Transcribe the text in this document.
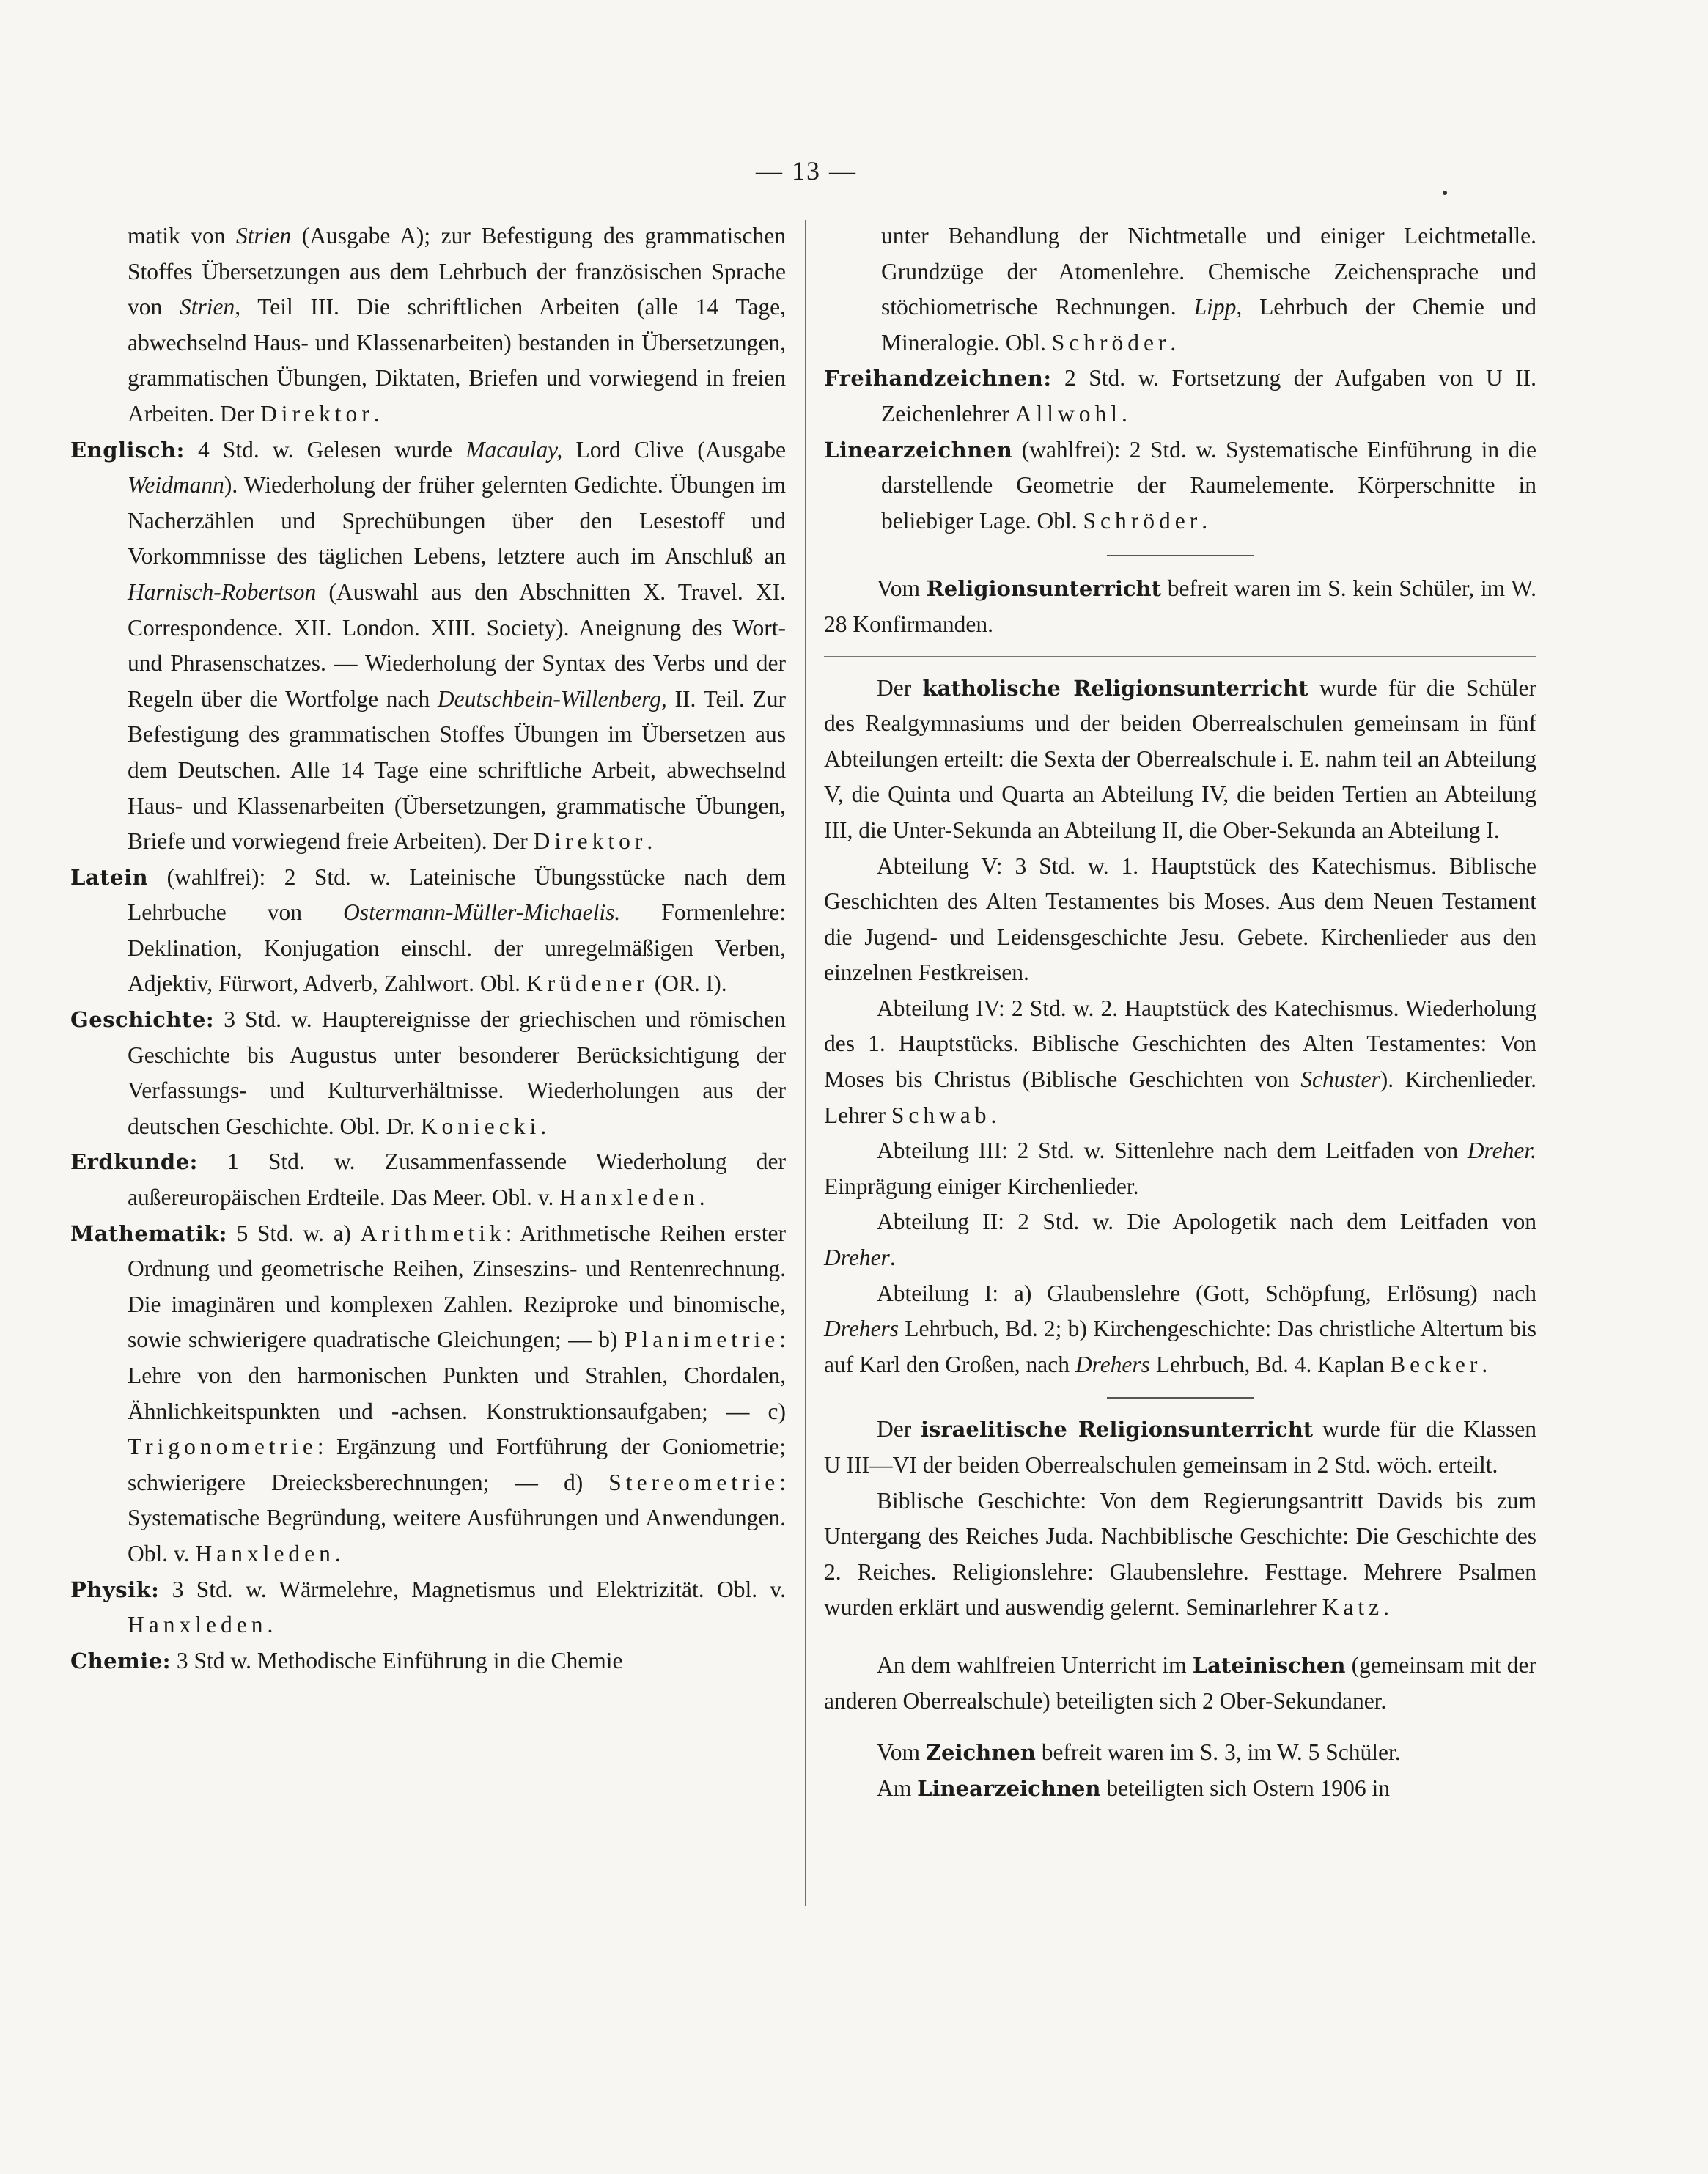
— 13 —

matik von Strien (Ausgabe A); zur Befestigung des grammatischen Stoffes Übersetzungen aus dem Lehrbuch der französischen Sprache von Strien, Teil III. Die schriftlichen Arbeiten (alle 14 Tage, abwechselnd Haus- und Klassenarbeiten) bestanden in Übersetzungen, grammatischen Übungen, Diktaten, Briefen und vorwiegend in freien Arbeiten. Der Direktor.

Englisch: 4 Std. w. Gelesen wurde Macaulay, Lord Clive (Ausgabe Weidmann). Wiederholung der früher gelernten Gedichte. Übungen im Nacherzählen und Sprechübungen über den Lesestoff und Vorkommnisse des täglichen Lebens, letztere auch im Anschluß an Harnisch-Robertson (Auswahl aus den Abschnitten X. Travel. XI. Correspondence. XII. London. XIII. Society). Aneignung des Wort- und Phrasenschatzes. — Wiederholung der Syntax des Verbs und der Regeln über die Wortfolge nach Deutschbein-Willenberg, II. Teil. Zur Befestigung des grammatischen Stoffes Übungen im Übersetzen aus dem Deutschen. Alle 14 Tage eine schriftliche Arbeit, abwechselnd Haus- und Klassenarbeiten (Übersetzungen, grammatische Übungen, Briefe und vorwiegend freie Arbeiten). Der Direktor.

Latein (wahlfrei): 2 Std. w. Lateinische Übungsstücke nach dem Lehrbuche von Ostermann-Müller-Michaelis. Formenlehre: Deklination, Konjugation einschl. der unregelmäßigen Verben, Adjektiv, Fürwort, Adverb, Zahlwort. Obl. Krüdener (OR. I).

Geschichte: 3 Std. w. Hauptereignisse der griechischen und römischen Geschichte bis Augustus unter besonderer Berücksichtigung der Verfassungs- und Kulturverhältnisse. Wiederholungen aus der deutschen Geschichte. Obl. Dr. Koniecki.

Erdkunde: 1 Std. w. Zusammenfassende Wiederholung der außereuropäischen Erdteile. Das Meer. Obl. v. Hanxleden.

Mathematik: 5 Std. w. a) Arithmetik: Arithmetische Reihen erster Ordnung und geometrische Reihen, Zinseszins- und Rentenrechnung. Die imaginären und komplexen Zahlen. Reziproke und binomische, sowie schwierigere quadratische Gleichungen; — b) Planimetrie: Lehre von den harmonischen Punkten und Strahlen, Chordalen, Ähnlichkeitspunkten und -achsen. Konstruktionsaufgaben; — c) Trigonometrie: Ergänzung und Fortführung der Goniometrie; schwierigere Dreiecksberechnungen; — d) Stereometrie: Systematische Begründung, weitere Ausführungen und Anwendungen. Obl. v. Hanxleden.

Physik: 3 Std. w. Wärmelehre, Magnetismus und Elektrizität. Obl. v. Hanxleden.

Chemie: 3 Std w. Methodische Einführung in die Chemie

unter Behandlung der Nichtmetalle und einiger Leichtmetalle. Grundzüge der Atomenlehre. Chemische Zeichensprache und stöchiometrische Rechnungen. Lipp, Lehrbuch der Chemie und Mineralogie. Obl. Schröder.

Freihandzeichnen: 2 Std. w. Fortsetzung der Aufgaben von U II. Zeichenlehrer Allwohl.

Linearzeichnen (wahlfrei): 2 Std. w. Systematische Einführung in die darstellende Geometrie der Raumelemente. Körperschnitte in beliebiger Lage. Obl. Schröder.

Vom Religionsunterricht befreit waren im S. kein Schüler, im W. 28 Konfirmanden.

Der katholische Religionsunterricht wurde für die Schüler des Realgymnasiums und der beiden Oberrealschulen gemeinsam in fünf Abteilungen erteilt: die Sexta der Oberrealschule i. E. nahm teil an Abteilung V, die Quinta und Quarta an Abteilung IV, die beiden Tertien an Abteilung III, die Unter-Sekunda an Abteilung II, die Ober-Sekunda an Abteilung I.

Abteilung V: 3 Std. w. 1. Hauptstück des Katechismus. Biblische Geschichten des Alten Testamentes bis Moses. Aus dem Neuen Testament die Jugend- und Leidensgeschichte Jesu. Gebete. Kirchenlieder aus den einzelnen Festkreisen.

Abteilung IV: 2 Std. w. 2. Hauptstück des Katechismus. Wiederholung des 1. Hauptstücks. Biblische Geschichten des Alten Testamentes: Von Moses bis Christus (Biblische Geschichten von Schuster). Kirchenlieder. Lehrer Schwab.

Abteilung III: 2 Std. w. Sittenlehre nach dem Leitfaden von Dreher. Einprägung einiger Kirchenlieder.

Abteilung II: 2 Std. w. Die Apologetik nach dem Leitfaden von Dreher.

Abteilung I: a) Glaubenslehre (Gott, Schöpfung, Erlösung) nach Drehers Lehrbuch, Bd. 2; b) Kirchengeschichte: Das christliche Altertum bis auf Karl den Großen, nach Drehers Lehrbuch, Bd. 4. Kaplan Becker.

Der israelitische Religionsunterricht wurde für die Klassen U III—VI der beiden Oberrealschulen gemeinsam in 2 Std. wöch. erteilt.

Biblische Geschichte: Von dem Regierungsantritt Davids bis zum Untergang des Reiches Juda. Nachbiblische Geschichte: Die Geschichte des 2. Reiches. Religionslehre: Glaubenslehre. Festtage. Mehrere Psalmen wurden erklärt und auswendig gelernt. Seminarlehrer Katz.

An dem wahlfreien Unterricht im Lateinischen (gemeinsam mit der anderen Oberrealschule) beteiligten sich 2 Ober-Sekundaner.

Vom Zeichnen befreit waren im S. 3, im W. 5 Schüler.

Am Linearzeichnen beteiligten sich Ostern 1906 in
